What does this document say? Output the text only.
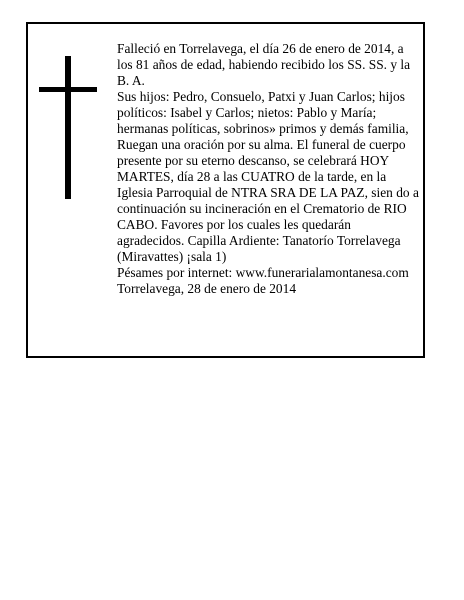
Falleció en Torrelavega, el día 26 de enero de 2014, a los 81 años de edad, habiendo recibido los SS. SS. y la B. A.

Sus hijos: Pedro, Consuelo, Patxi y Juan Carlos; hijos políticos: Isabel y Carlos; nietos: Pablo y María; hermanas políticas, sobrinos» primos y demás familia, Ruegan una oración por su alma. El funeral de cuerpo presente por su eterno descanso, se celebrará HOY MARTES, día 28 a las CUATRO de la tarde, en la Iglesia Parroquial de NTRA SRA DE LA PAZ, sien do a continuación su incineración en el Crematorio de RIO CABO. Favores por los cuales les quedarán agradecidos. Capilla Ardiente: Tanatorío Torrelavega (Miravattes) ¡sala 1)

Pésames por internet: www.funerarialamontanesa.com

Torrelavega, 28 de enero de 2014
